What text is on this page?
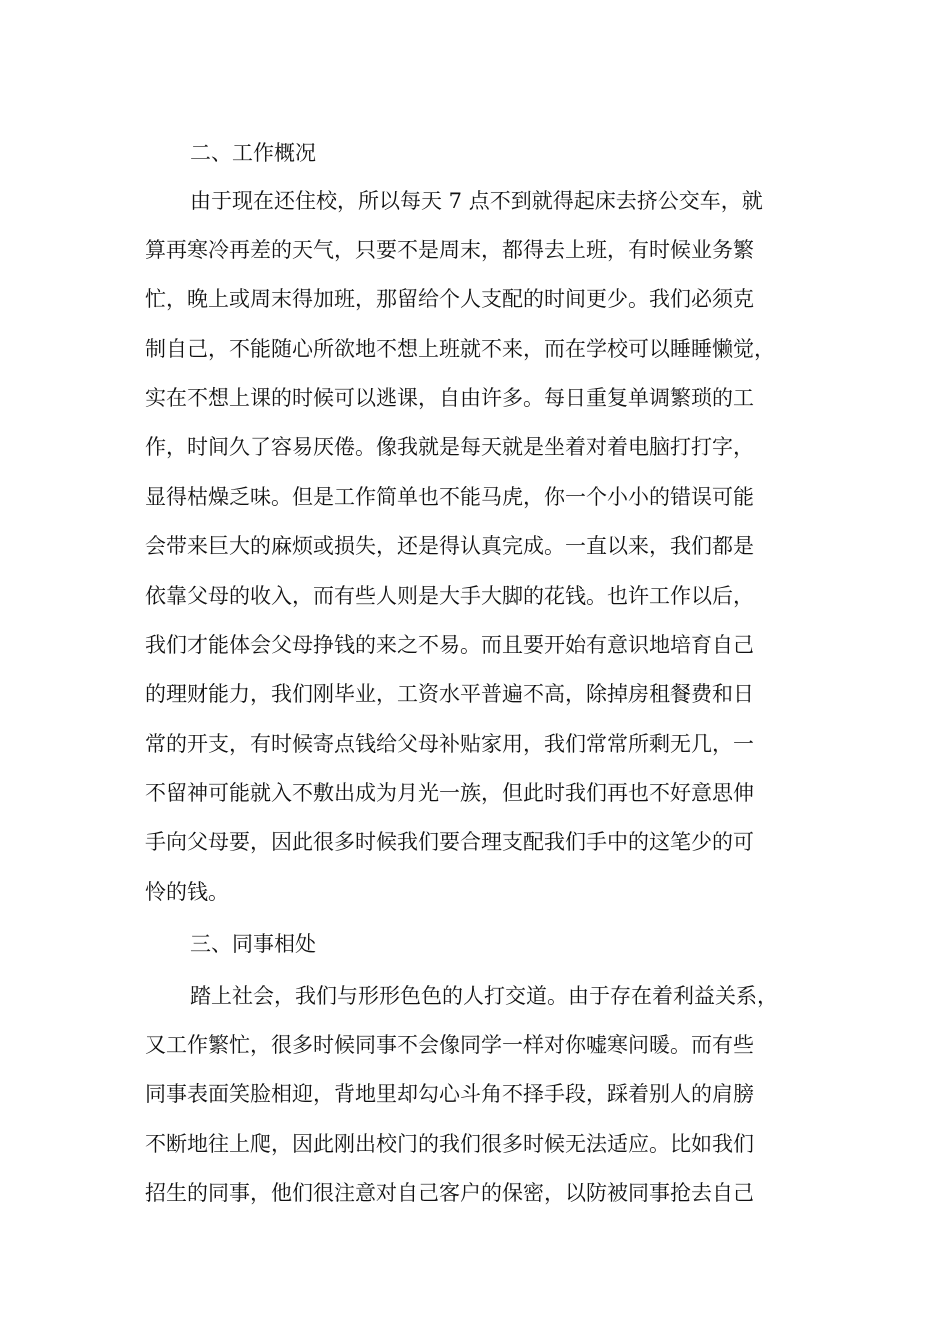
二、工作概况
由于现在还住校，所以每天 7 点不到就得起床去挤公交车，就
算再寒冷再差的天气，只要不是周末，都得去上班，有时候业务繁
忙，晚上或周末得加班，那留给个人支配的时间更少。我们必须克
制自己，不能随心所欲地不想上班就不来，而在学校可以睡睡懒觉，
实在不想上课的时候可以逃课，自由许多。每日重复单调繁琐的工
作，时间久了容易厌倦。像我就是每天就是坐着对着电脑打打字，
显得枯燥乏味。但是工作简单也不能马虎，你一个小小的错误可能
会带来巨大的麻烦或损失，还是得认真完成。一直以来，我们都是
依靠父母的收入，而有些人则是大手大脚的花钱。也许工作以后，
我们才能体会父母挣钱的来之不易。而且要开始有意识地培育自己
的理财能力，我们刚毕业，工资水平普遍不高，除掉房租餐费和日
常的开支，有时候寄点钱给父母补贴家用，我们常常所剩无几，一
不留神可能就入不敷出成为月光一族，但此时我们再也不好意思伸
手向父母要，因此很多时候我们要合理支配我们手中的这笔少的可
怜的钱。
三、同事相处
踏上社会，我们与形形色色的人打交道。由于存在着利益关系，
又工作繁忙，很多时候同事不会像同学一样对你嘘寒问暖。而有些
同事表面笑脸相迎，背地里却勾心斗角不择手段，踩着别人的肩膀
不断地往上爬，因此刚出校门的我们很多时候无法适应。比如我们
招生的同事，他们很注意对自己客户的保密，以防被同事抢去自己
